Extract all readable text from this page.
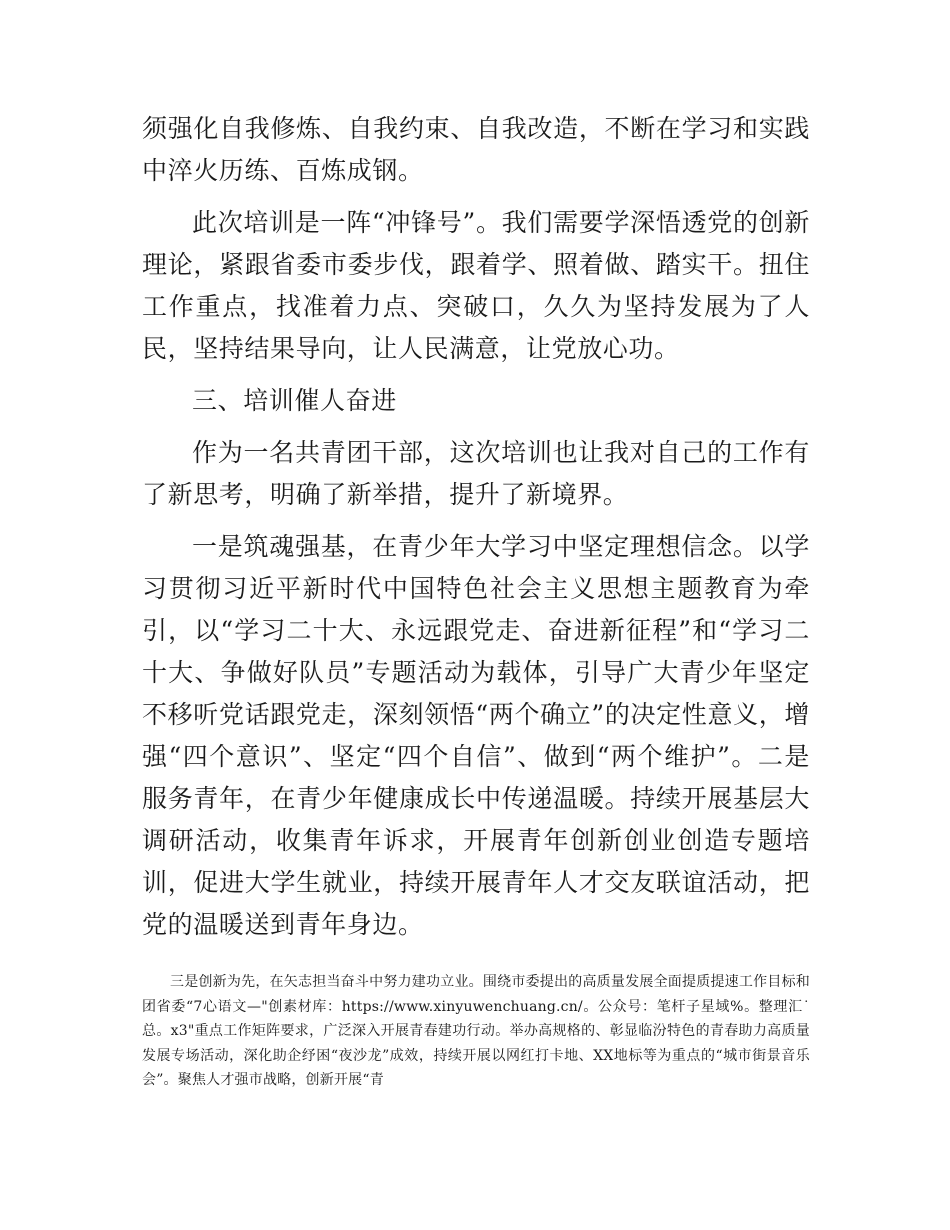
须强化自我修炼、自我约束、自我改造，不断在学习和实践中淬火历练、百炼成钢。

此次培训是一阵“冲锋号”。我们需要学深悟透党的创新理论，紧跟省委市委步伐，跟着学、照着做、踏实干。扭住工作重点，找准着力点、突破口，久久为坚持发展为了人民，坚持结果导向，让人民满意，让党放心功。

三、培训催人奋进

作为一名共青团干部，这次培训也让我对自己的工作有了新思考，明确了新举措，提升了新境界。

一是筑魂强基，在青少年大学习中坚定理想信念。以学习贯彻习近平新时代中国特色社会主义思想主题教育为牵引，以“学习二十大、永远跟党走、奋进新征程”和“学习二十大、争做好队员”专题活动为载体，引导广大青少年坚定不移听党话跟党走，深刻领悟“两个确立”的决定性意义，增强“四个意识”、坚定“四个自信”、做到“两个维护”。二是服务青年，在青少年健康成长中传递温暖。持续开展基层大调研活动，收集青年诉求，开展青年创新创业创造专题培训，促进大学生就业，持续开展青年人才交友联谊活动，把党的温暖送到青年身边。

三是创新为先，在矢志担当奋斗中努力建功立业。围绕市委提出的高质量发展全面提质提速工作目标和团省委“7心语文—"创素材库：https://www.xinyuwenchuang.cn/。公众号：笔杆子星域%。整理汇˙总。x3"重点工作矩阵要求，广泛深入开展青春建功行动。举办高规格的、彰显临汾特色的青春助力高质量发展专场活动，深化助企纾困“夜沙龙”成效，持续开展以网红打卡地、XX地标等为重点的“城市街景音乐会”。聚焦人才强市战略，创新开展“青
